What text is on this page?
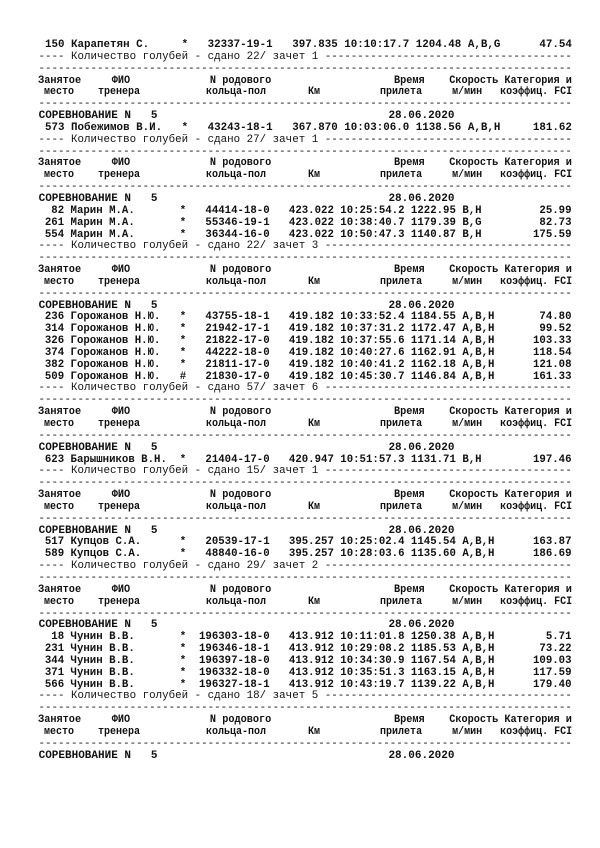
150 Карапетян С.     *   32337-19-1   397.835 10:10:17.7 1204.48 A,B,G      47.54
---- Количество голубей - сдано 22/ зачет 1 --------------------------------------
----------------------------------------------------------------------------------
Занятое     ФИО             N родового                    Время    Скорость Категория и
место    тренера           кольца-пол       Км          прилета     м/мин   коэффиц. FCI
----------------------------------------------------------------------------------
СОРЕВНОВАНИЕ N   5                                   28.06.2020
573 Побежимов В.И.   *   43243-18-1   367.870 10:03:06.0 1138.56 A,B,H     181.62
---- Количество голубей - сдано 27/ зачет 1 --------------------------------------
----------------------------------------------------------------------------------
Занятое     ФИО             N родового                    Время    Скорость Категория и
место    тренера           кольца-пол       Км          прилета     м/мин   коэффиц. FCI
----------------------------------------------------------------------------------
СОРЕВНОВАНИЕ N   5                                   28.06.2020
82 Марин М.А.       *   44414-18-0   423.022 10:25:54.2 1222.95 B,H         25.99
261 Марин М.А.       *   55346-19-1   423.022 10:38:40.7 1179.39 B,G         82.73
554 Марин М.А.       *   36344-16-0   423.022 10:50:47.3 1140.87 B,H        175.59
---- Количество голубей - сдано 22/ зачет 3 --------------------------------------
----------------------------------------------------------------------------------
Занятое     ФИО             N родового                    Время    Скорость Категория и
место    тренера           кольца-пол       Км          прилета     м/мин   коэффиц. FCI
----------------------------------------------------------------------------------
СОРЕВНОВАНИЕ N   5                                   28.06.2020
236 Горожанов Н.Ю.   *   43755-18-1   419.182 10:33:52.4 1184.55 A,B,H       74.80
314 Горожанов Н.Ю.   *   21942-17-1   419.182 10:37:31.2 1172.47 A,B,H       99.52
326 Горожанов Н.Ю.   *   21822-17-0   419.182 10:37:55.6 1171.14 A,B,H      103.33
374 Горожанов Н.Ю.   *   44222-18-0   419.182 10:40:27.6 1162.91 A,B,H      118.54
382 Горожанов Н.Ю.   *   21811-17-0   419.182 10:40:41.2 1162.18 A,B,H      121.08
509 Горожанов Н.Ю.   #   21830-17-0   419.182 10:45:30.7 1146.84 A,B,H      161.33
---- Количество голубей - сдано 57/ зачет 6 --------------------------------------
----------------------------------------------------------------------------------
Занятое     ФИО             N родового                    Время    Скорость Категория и
место    тренера           кольца-пол       Км          прилета     м/мин   коэффиц. FCI
----------------------------------------------------------------------------------
СОРЕВНОВАНИЕ N   5                                   28.06.2020
623 Барышников В.Н.  *   21404-17-0   420.947 10:51:57.3 1131.71 B,H        197.46
---- Количество голубей - сдано 15/ зачет 1 --------------------------------------
----------------------------------------------------------------------------------
Занятое     ФИО             N родового                    Время    Скорость Категория и
место    тренера           кольца-пол       Км          прилета     м/мин   коэффиц. FCI
----------------------------------------------------------------------------------
СОРЕВНОВАНИЕ N   5                                   28.06.2020
517 Купцов С.А.      *   20539-17-1   395.257 10:25:02.4 1145.54 A,B,H      163.87
589 Купцов С.А.      *   48840-16-0   395.257 10:28:03.6 1135.60 A,B,H      186.69
---- Количество голубей - сдано 29/ зачет 2 --------------------------------------
----------------------------------------------------------------------------------
Занятое     ФИО             N родового                    Время    Скорость Категория и
место    тренера           кольца-пол       Км          прилета     м/мин   коэффиц. FCI
----------------------------------------------------------------------------------
СОРЕВНОВАНИЕ N   5                                   28.06.2020
18 Чунин В.В.       *  196303-18-0   413.912 10:11:01.8 1250.38 A,B,H        5.71
231 Чунин В.В.       *  196346-18-1   413.912 10:29:08.2 1185.53 A,B,H       73.22
344 Чунин В.В.       *  196397-18-0   413.912 10:34:30.9 1167.54 A,B,H      109.03
371 Чунин В.В.       *  196332-18-0   413.912 10:35:51.3 1163.15 A,B,H      117.59
566 Чунин В.В.       *  196327-18-1   413.912 10:43:19.7 1139.22 A,B,H      179.40
---- Количество голубей - сдано 18/ зачет 5 --------------------------------------
----------------------------------------------------------------------------------
Занятое     ФИО             N родового                    Время    Скорость Категория и
место    тренера           кольца-пол       Км          прилета     м/мин   коэффиц. FCI
----------------------------------------------------------------------------------
СОРЕВНОВАНИЕ N   5                                   28.06.2020
